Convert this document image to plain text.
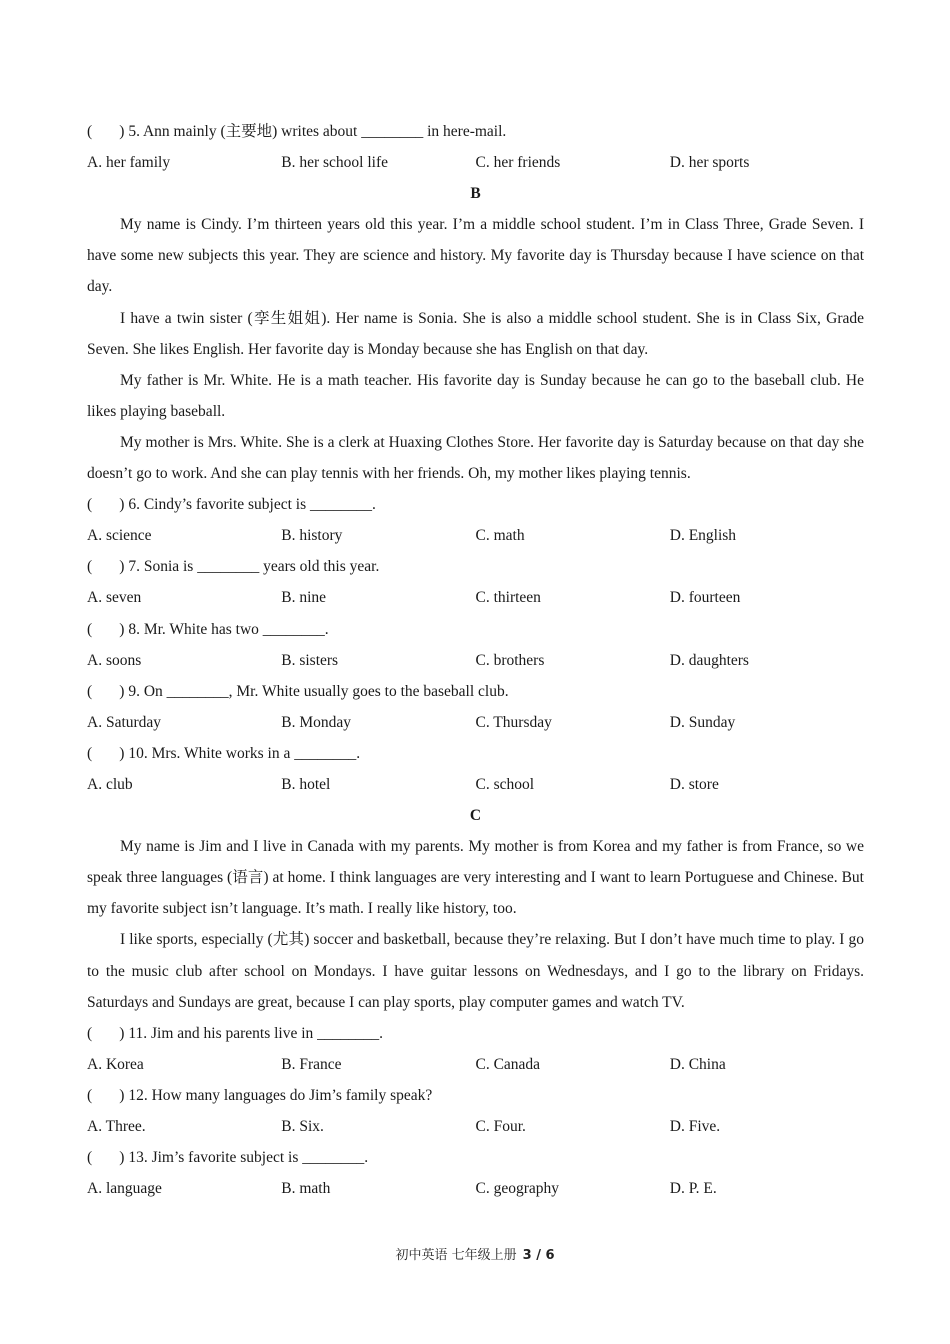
(       ) 5. Ann mainly (主要地) writes about ________ in here-mail.
A. her family	B. her school life	C. her friends	D. her sports
B

My name is Cindy. I’m thirteen years old this year. I’m a middle school student. I’m in Class Three, Grade Seven. I have some new subjects this year. They are science and history. My favorite day is Thursday because I have science on that day.

I have a twin sister (孪生姐姐). Her name is Sonia. She is also a middle school student. She is in Class Six, Grade Seven. She likes English. Her favorite day is Monday because she has English on that day.

My father is Mr. White. He is a math teacher. His favorite day is Sunday because he can go to the baseball club. He likes playing baseball.

My mother is Mrs. White. She is a clerk at Huaxing Clothes Store. Her favorite day is Saturday because on that day she doesn’t go to work. And she can play tennis with her friends. Oh, my mother likes playing tennis.

(       ) 6. Cindy’s favorite subject is ________.
A. science	B. history	C. math	D. English
(       ) 7. Sonia is ________ years old this year.
A. seven	B. nine	C. thirteen	D. fourteen
(       ) 8. Mr. White has two ________.
A. soons	B. sisters	C. brothers	D. daughters
(       ) 9. On ________, Mr. White usually goes to the baseball club.
A. Saturday	B. Monday	C. Thursday	D. Sunday
(       ) 10. Mrs. White works in a ________.
A. club	B. hotel	C. school	D. store
C

My name is Jim and I live in Canada with my parents. My mother is from Korea and my father is from France, so we speak three languages (语言) at home. I think languages are very interesting and I want to learn Portuguese and Chinese. But my favorite subject isn’t language. It’s math. I really like history, too.

I like sports, especially (尤其) soccer and basketball, because they’re relaxing. But I don’t have much time to play. I go to the music club after school on Mondays. I have guitar lessons on Wednesdays, and I go to the library on Fridays. Saturdays and Sundays are great, because I can play sports, play computer games and watch TV.

(       ) 11. Jim and his parents live in ________.
A. Korea	B. France	C. Canada	D. China
(       ) 12. How many languages do Jim’s family speak?
A. Three.	B. Six.	C. Four.	D. Five.
(       ) 13. Jim’s favorite subject is ________.
A. language	B. math	C. geography	D. P. E.
初中英语 七年级上册 3 / 6
